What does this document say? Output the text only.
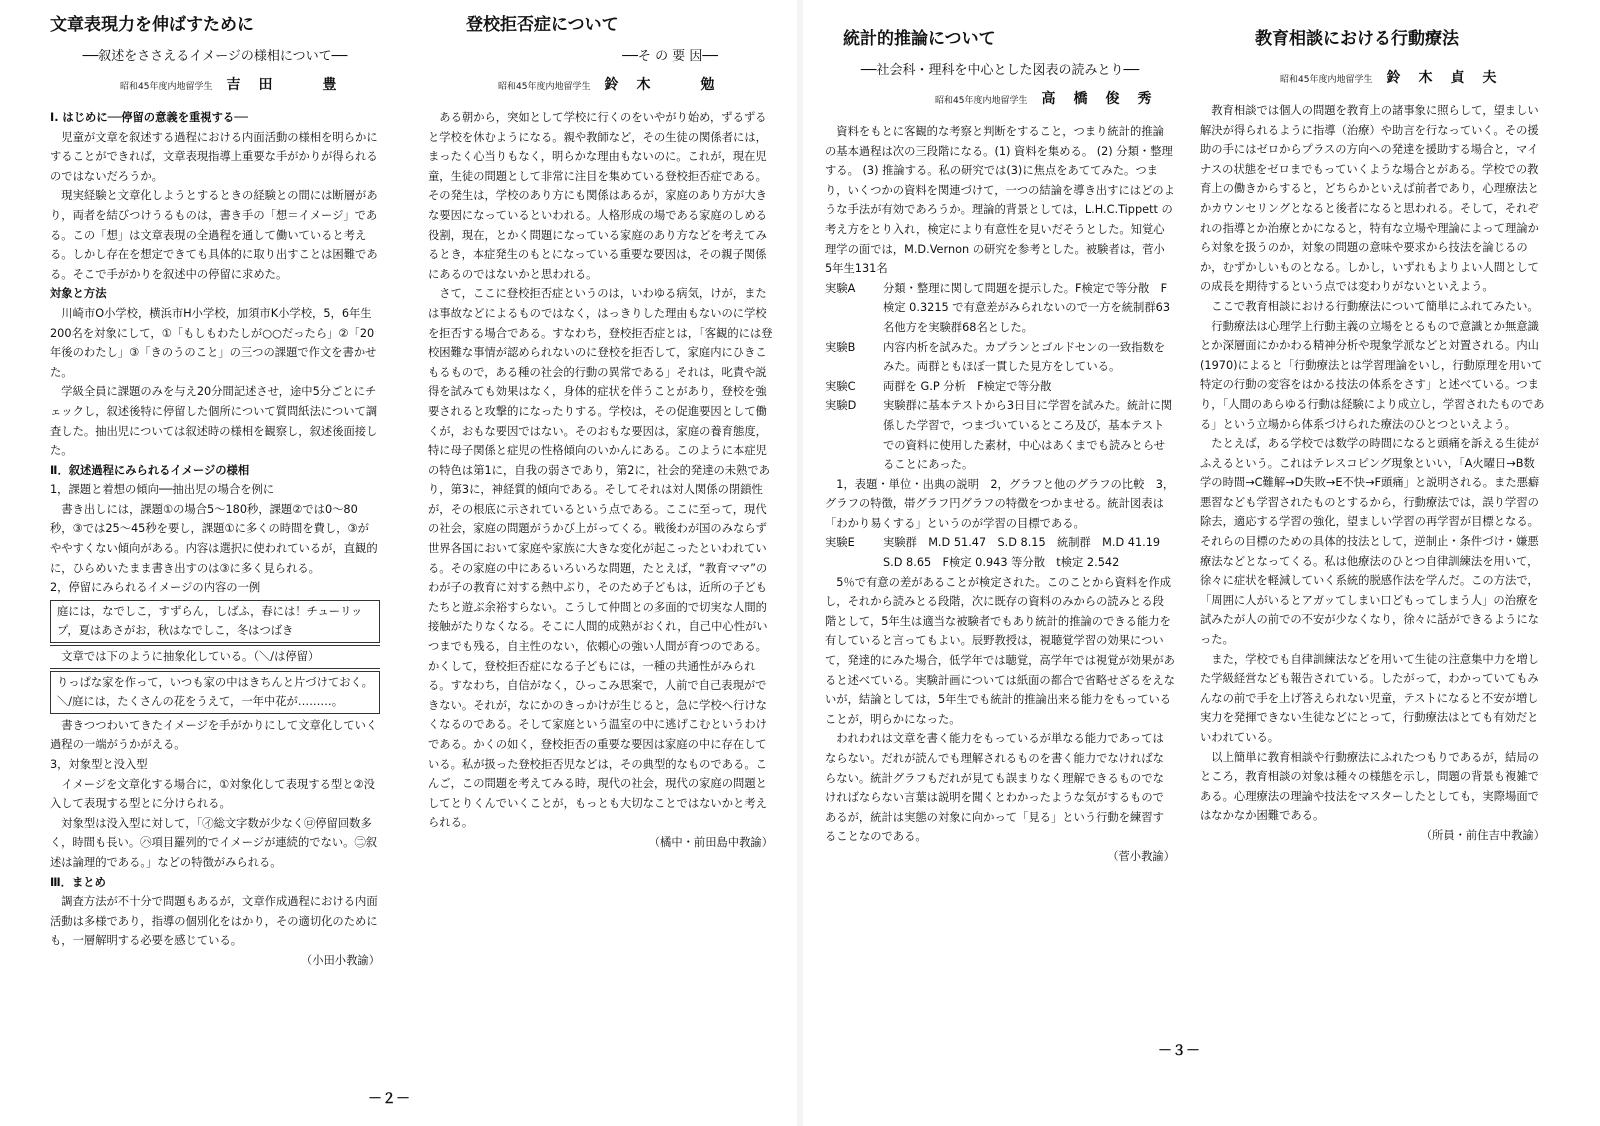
文章表現力を伸ばすために
──叙述をささえるイメージの様相について──
昭和45年度内地留学生 吉田　豊

Ⅰ. はじめに──停留の意義を重視する──

児童が文章を叙述する過程における内面活動の様相を明らかにすることができれば，文章表現指導上重要な手がかりが得られるのではないだろうか。

現実経験と文章化しようとするときの経験との間には断層があり，両者を結びつけうるものは，書き手の「想＝イメージ」である。この「想」は文章表現の全過程を通して働いていると考える。しかし存在を想定できても具体的に取り出すことは困難である。そこで手がかりを叙述中の停留に求めた。

対象と方法

川崎市O小学校，横浜市H小学校，加須市K小学校，5，6年生200名を対象にして，①「もしもわたしが○○だったら」②「20年後のわたし」③「きのうのこと」の三つの課題で作文を書かせた。

学級全員に課題のみを与え20分間記述させ，途中5分ごとにチェックし，叙述後特に停留した個所について質問紙法について調査した。抽出児については叙述時の様相を観察し，叙述後面接した。

Ⅱ．叙述過程にみられるイメージの様相

1，課題と着想の傾向──抽出児の場合を例に

書き出しには，課題①の場合5～180秒，課題②では0～80秒，③では25～45秒を要し，課題①に多くの時間を費し，③がややすくない傾向がある。内容は選択に使われているが，直観的に，ひらめいたまま書き出すのは③に多く見られる。

2，停留にみられるイメージの内容の一例

庭には，なでしこ，すずらん，しばふ，春には！チューリップ，夏はあさがお，秋はなでしこ，冬はつばき

文章では下のように抽象化している。（＼/は停留）

りっぱな家を作って，いつも家の中はきちんと片づけておく。＼/庭には，たくさんの花をうえて，一年中花が………。

書きつつわいてきたイメージを手がかりにして文章化していく過程の一端がうかがえる。

3，対象型と没入型

イメージを文章化する場合に，①対象化して表現する型と②没入して表現する型とに分けられる。

対象型は没入型に対して，「㋑総文字数が少なく㋺停留回数多く，時間も長い。㋩項目羅列的でイメージが連続的でない。㊁叙述は論理的である。」などの特徴がみられる。

Ⅲ．まとめ

調査方法が不十分で問題もあるが，文章作成過程における内面活動は多様であり，指導の個別化をはかり，その適切化のためにも，一層解明する必要を感じている。

（小田小教諭）

登校拒否症について
──そ の 要 因──
昭和45年度内地留学生 鈴木　勉

ある朝から，突如として学校に行くのをいやがり始め，ずるずると学校を休むようになる。親や教師など，その生徒の関係者には，まったく心当りもなく，明らかな理由もないのに。これが，現在児童，生徒の問題として非常に注目を集めている登校拒否症である。その発生は，学校のあり方にも関係はあるが，家庭のあり方が大きな要因になっているといわれる。人格形成の場である家庭のしめる役割，現在，とかく問題になっている家庭のあり方などを考えてみるとき，本症発生のもとになっている重要な要因は，その親子関係にあるのではないかと思われる。

さて，ここに登校拒否症というのは，いわゆる病気，けが，または事故などによるものではなく，はっきりした理由もないのに学校を拒否する場合である。すなわち，登校拒否症とは，「客観的には登校困難な事情が認められないのに登校を拒否して，家庭内にひきこもるもので，ある種の社会的行動の異常である」それは，叱責や説得を試みても効果はなく，身体的症状を伴うことがあり，登校を強要されると攻撃的になったりする。学校は，その促進要因として働くが，おもな要因ではない。そのおもな要因は，家庭の養育態度，特に母子関係と症児の性格傾向のいかんにある。このように本症児の特色は第1に，自我の弱さであり，第2に，社会的発達の未熟であり，第3に，神経質的傾向である。そしてそれは対人関係の閉鎖性が，その根底に示されているという点である。ここに至って，現代の社会，家庭の問題がうかび上がってくる。戦後わが国のみならず世界各国において家庭や家族に大きな変化が起こったといわれている。その家庭の中にあるいろいろな問題，たとえば，“教育ママ”のわが子の教育に対する熱中ぶり，そのため子どもは，近所の子どもたちと遊ぶ余裕すらない。こうして仲間との多面的で切実な人間的接触がたりなくなる。そこに人間的成熟がおくれ，自己中心性がいつまでも残る，自主性のない，依頼心の強い人間が育つのである。かくして，登校拒否症になる子どもには，一種の共通性がみられる。すなわち，自信がなく，ひっこみ思案で，人前で自己表現ができない。それが，なにかのきっかけが生じると，急に学校へ行けなくなるのである。そして家庭という温室の中に逃げこむというわけである。かくの如く，登校拒否の重要な要因は家庭の中に存在している。私が扱った登校拒否児などは，その典型的なものである。こんご，この問題を考えてみる時，現代の社会，現代の家庭の問題としてとりくんでいくことが，もっとも大切なことではないかと考えられる。

（橘中・前田島中教諭）

統計的推論について
──社会科・理科を中心とした図表の読みとり──
昭和45年度内地留学生 高橋俊秀

資料をもとに客観的な考察と判断をすること，つまり統計的推論の基本過程は次の三段階になる。(1) 資料を集める。 (2) 分類・整理する。 (3) 推論する。私の研究では(3)に焦点をあててみた。つまり，いくつかの資料を関連づけて，一つの結論を導き出すにはどのような手法が有効であろうか。理論的背景としては，L.H.C.Tippett の考え方をとり入れ，検定により有意性を見いだそうとした。知覚心理学の面では，M.D.Vernon の研究を参考とした。被験者は，菅小　5年生131名

実験A	分類・整理に関して問題を提示した。F検定で等分散　F検定 0.3215 で有意差がみられないので一方を統制群63名他方を実験群68名とした。
実験B	内容内析を試みた。カプランとゴルドセンの一致指数をみた。両群ともほぼ一貫した見方をしている。
実験C	両群を G.P 分析　F検定で等分散
実験D	実験群に基本テストから3日目に学習を試みた。統計に関係した学習で，つまづいているところ及び，基本テストでの資料に使用した素材，中心はあくまでも読みとらせることにあった。

1，表題・単位・出典の説明　2，グラフと他のグラフの比較　3，グラフの特徴，帯グラフ円グラフの特徴をつかませる。統計図表は「わかり易くする」というのが学習の目標である。

実験E	実験群　M.D 51.47　S.D 8.15　統制群　M.D 41.19　S.D 8.65　F検定 0.943 等分散　t検定 2.542

5％で有意の差があることが検定された。このことから資料を作成し，それから読みとる段階，次に既存の資料のみからの読みとる段階として，5年生は適当な被験者でもあり統計的推論のできる能力を有していると言ってもよい。辰野教授は，視聴覚学習の効果について，発達的にみた場合，低学年では聴覚，高学年では視覚が効果があると述べている。実験計画については紙面の都合で省略せざるをえないが，結論としては，5年生でも統計的推論出来る能力をもっていることが，明らかになった。

われわれは文章を書く能力をもっているが単なる能力であってはならない。だれが読んでも理解されるものを書く能力でなければならない。統計グラフもだれが見ても誤まりなく理解できるものでなければならない言葉は説明を聞くとわかったような気がするものであるが，統計は実態の対象に向かって「見る」という行動を練習することなのである。

（菅小教諭）

教育相談における行動療法
昭和45年度内地留学生 鈴木貞夫

教育相談では個人の問題を教育上の諸事象に照らして，望ましい解決が得られるように指導（治療）や助言を行なっていく。その援助の手にはゼロからプラスの方向への発達を援助する場合と，マイナスの状態をゼロまでもっていくような場合とがある。学校での教育上の働きからすると，どちらかといえば前者であり，心理療法とかカウンセリングとなると後者になると思われる。そして，それぞれの指導とか治療とかになると，特有な立場や理論によって理論から対象を扱うのか，対象の問題の意味や要求から技法を論じるのか，むずかしいものとなる。しかし，いずれもよりよい人間としての成長を期待するという点では変わりがないといえよう。

ここで教育相談における行動療法について簡単にふれてみたい。

行動療法は心理学上行動主義の立場をとるもので意識とか無意識とか深層面にかかわる精神分析や現象学派などと対置される。内山(1970)によると「行動療法とは学習理論をいし，行動原理を用いて特定の行動の変容をはかる技法の体系をさす」と述べている。つまり，「人間のあらゆる行動は経験により成立し，学習されたものである」という立場から体系づけられた療法のひとつといえよう。

たとえば，ある学校では数学の時間になると頭痛を訴える生徒がふえるという。これはテレスコピング現象といい，「A火曜日→B数学の時間→C難解→D失敗→E不快→F頭痛」と説明される。また悪癖悪習なども学習されたものとするから，行動療法では，誤り学習の除去，適応する学習の強化，望ましい学習の再学習が目標となる。それらの目標のための具体的技法として，逆制止・条件づけ・嫌悪療法などとなってくる。私は他療法のひとつ自律訓練法を用いて，徐々に症状を軽減していく系統的脱感作法を学んだ。この方法で，「周囲に人がいるとアガッてしまい口どもってしまう人」の治療を試みたが人の前での不安が少なくなり，徐々に話ができるようになった。

また，学校でも自律訓練法などを用いて生徒の注意集中力を増した学級経営なども報告されている。したがって，わかっていてもみんなの前で手を上げ答えられない児童，テストになると不安が増し実力を発揮できない生徒などにとって，行動療法はとても有効だといわれている。

以上簡単に教育相談や行動療法にふれたつもりであるが，結局のところ，教育相談の対象は種々の様態を示し，問題の背景も複雑である。心理療法の理論や技法をマスターしたとしても，実際場面ではなかなか困難である。

（所員・前住吉中教諭）

－２－
－３－
